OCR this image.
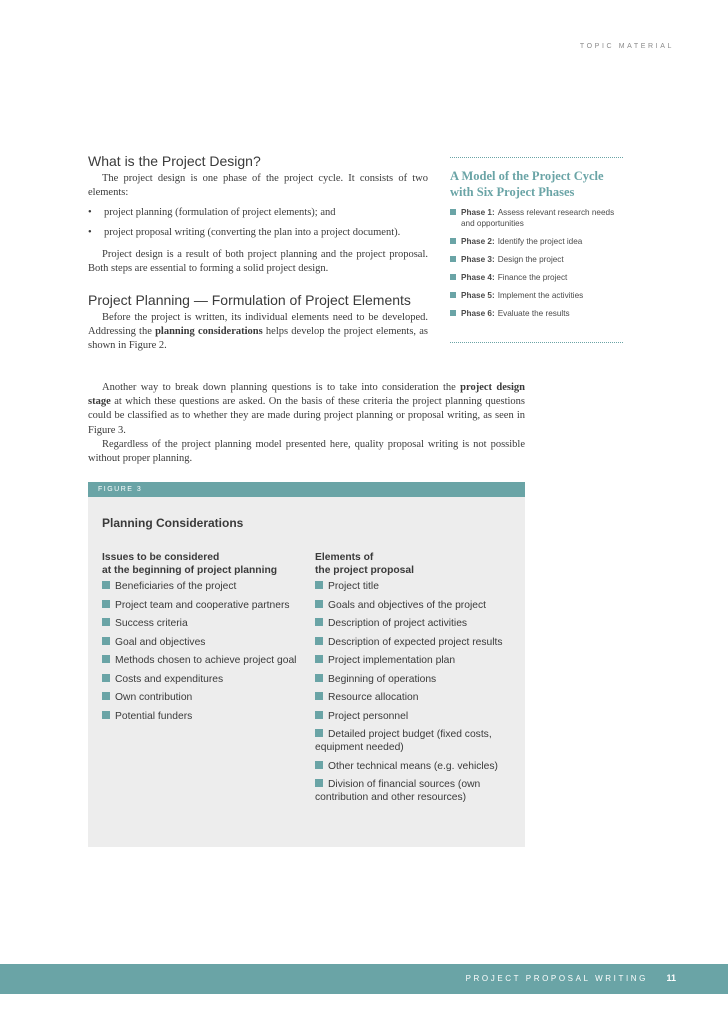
TOPIC MATERIAL
What is the Project Design?

The project design is one phase of the project cycle. It consists of two elements:

•	project planning (formulation of project elements); and
•	project proposal writing (converting the plan into a project document).

Project design is a result of both project planning and the project proposal. Both steps are essential to forming a solid project design.

Project Planning — Formulation of Project Elements

Before the project is written, its individual elements need to be developed. Addressing the planning considerations helps develop the project elements, as shown in Figure 2.

Another way to break down planning questions is to take into consideration the project design stage at which these questions are asked. On the basis of these criteria the project planning questions could be classified as to whether they are made during project planning or proposal writing, as seen in Figure 3.

Regardless of the project planning model presented here, quality proposal writing is not possible without proper planning.

A Model of the Project Cycle with Six Project Phases
Phase 1: Assess relevant research needs and opportunities
Phase 2: Identify the project idea
Phase 3: Design the project
Phase 4: Finance the project
Phase 5: Implement the activities
Phase 6: Evaluate the results
FIGURE 3
Planning Considerations
Issues to be considered
at the beginning of project planning
Beneficiaries of the project
Project team and cooperative partners
Success criteria
Goal and objectives
Methods chosen to achieve project goal
Costs and expenditures
Own contribution
Potential funders
Elements of
the project proposal
Project title
Goals and objectives of the project
Description of project activities
Description of expected project results
Project implementation plan
Beginning of operations
Resource allocation
Project personnel
Detailed project budget (fixed costs, equipment needed)
Other technical means (e.g. vehicles)
Division of financial sources (own contribution and other resources)
PROJECT PROPOSAL WRITING 11
